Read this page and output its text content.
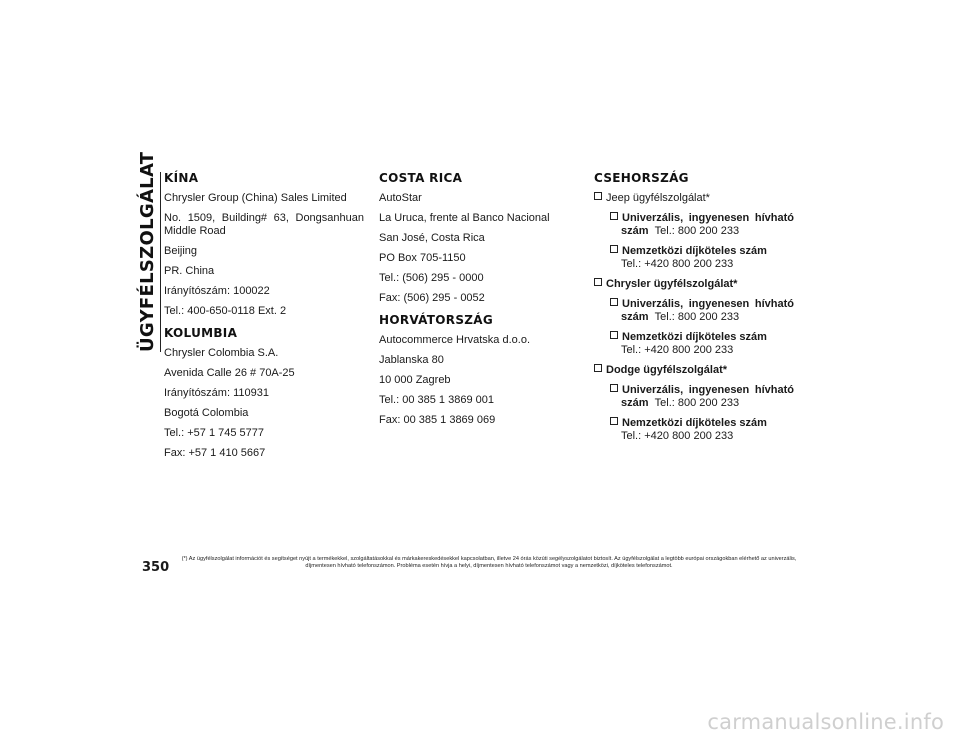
ÜGYFÉLSZOLGÁLAT KÍNA
Chrysler Group (China) Sales Limited
No. 1509, Building# 63, Dongsanhuan Middle Road
Beijing
PR. China
Irányítószám: 100022
Tel.: 400-650-0118 Ext. 2
KOLUMBIA
Chrysler Colombia S.A.
Avenida Calle 26 # 70A-25
Irányítószám: 110931
Bogotá Colombia
Tel.: +57 1 745 5777
Fax: +57 1 410 5667
COSTA RICA
AutoStar
La Uruca, frente al Banco Nacional
San José, Costa Rica
PO Box 705-1150
Tel.: (506) 295 - 0000
Fax: (506) 295 - 0052
HORVÁTORSZÁG
Autocommerce Hrvatska d.o.o.
Jablanska 80
10 000 Zagreb
Tel.: 00 385 1 3869 001
Fax: 00 385 1 3869 069
CSEHORSZÁG
Jeep ügyfélszolgálat*
Univerzális, ingyenesen hívható
szám Tel.: 800 200 233
Nemzetközi díjköteles szám
Tel.: +420 800 200 233
Chrysler ügyfélszolgálat*
Univerzális, ingyenesen hívható
szám Tel.: 800 200 233
Nemzetközi díjköteles szám
Tel.: +420 800 200 233
Dodge ügyfélszolgálat*
Univerzális, ingyenesen hívható
szám Tel.: 800 200 233
Nemzetközi díjköteles szám
Tel.: +420 800 200 233
350
(*) Az ügyfélszolgálat információt és segítséget nyújt a termékekkel, szolgáltatásokkal és márkakereskedésekkel kapcsolatban, illetve 24 órás közúti segélyszolgálatot biztosít. Az ügyfélszolgálat a legtöbb európai országokban elérhető az univerzális, díjmentesen hívható telefonszámon. Probléma esetén hívja a helyi, díjmentesen hívható telefonszámot vagy a nemzetközi, díjköteles telefonszámot.
carmanualsonline.info
